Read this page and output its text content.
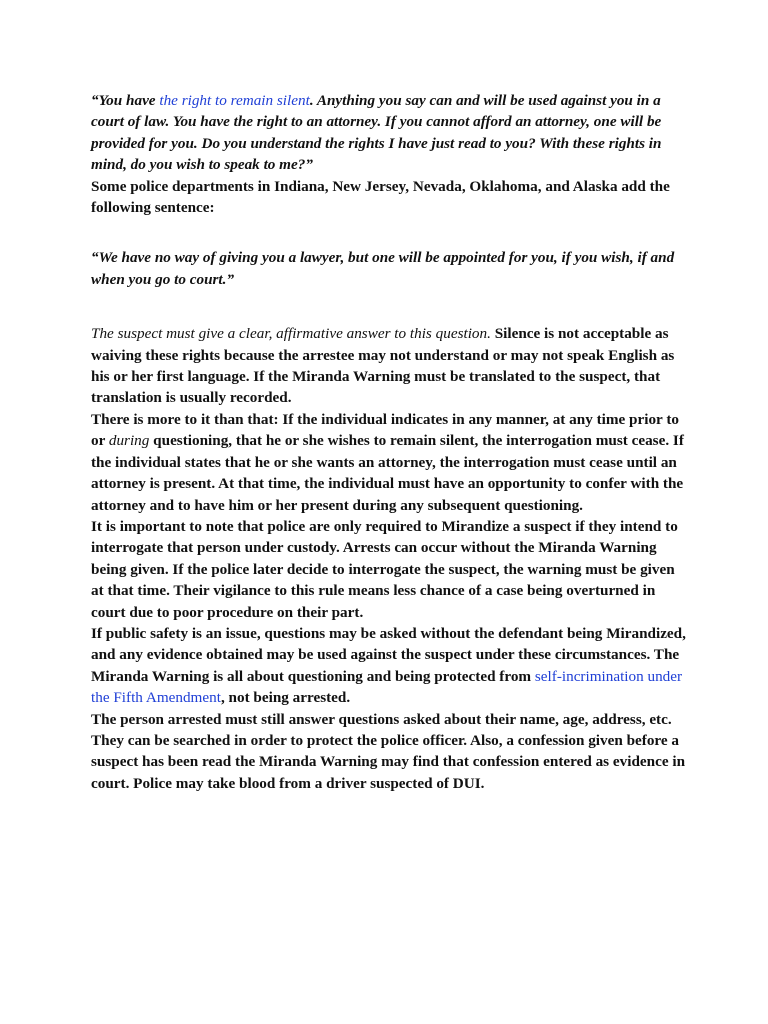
“You have the right to remain silent. Anything you say can and will be used against you in a court of law. You have the right to an attorney. If you cannot afford an attorney, one will be provided for you. Do you understand the rights I have just read to you? With these rights in mind, do you wish to speak to me?”

Some police departments in Indiana, New Jersey, Nevada, Oklahoma, and Alaska add the following sentence:

“We have no way of giving you a lawyer, but one will be appointed for you, if you wish, if and when you go to court.”

The suspect must give a clear, affirmative answer to this question. Silence is not acceptable as waiving these rights because the arrestee may not understand or may not speak English as his or her first language. If the Miranda Warning must be translated to the suspect, that translation is usually recorded.

There is more to it than that: If the individual indicates in any manner, at any time prior to or during questioning, that he or she wishes to remain silent, the interrogation must cease. If the individual states that he or she wants an attorney, the interrogation must cease until an attorney is present. At that time, the individual must have an opportunity to confer with the attorney and to have him or her present during any subsequent questioning.

It is important to note that police are only required to Mirandize a suspect if they intend to interrogate that person under custody. Arrests can occur without the Miranda Warning being given. If the police later decide to interrogate the suspect, the warning must be given at that time. Their vigilance to this rule means less chance of a case being overturned in court due to poor procedure on their part.

If public safety is an issue, questions may be asked without the defendant being Mirandized, and any evidence obtained may be used against the suspect under these circumstances. The Miranda Warning is all about questioning and being protected from self-incrimination under the Fifth Amendment, not being arrested.

The person arrested must still answer questions asked about their name, age, address, etc. They can be searched in order to protect the police officer. Also, a confession given before a suspect has been read the Miranda Warning may find that confession entered as evidence in court. Police may take blood from a driver suspected of DUI.
